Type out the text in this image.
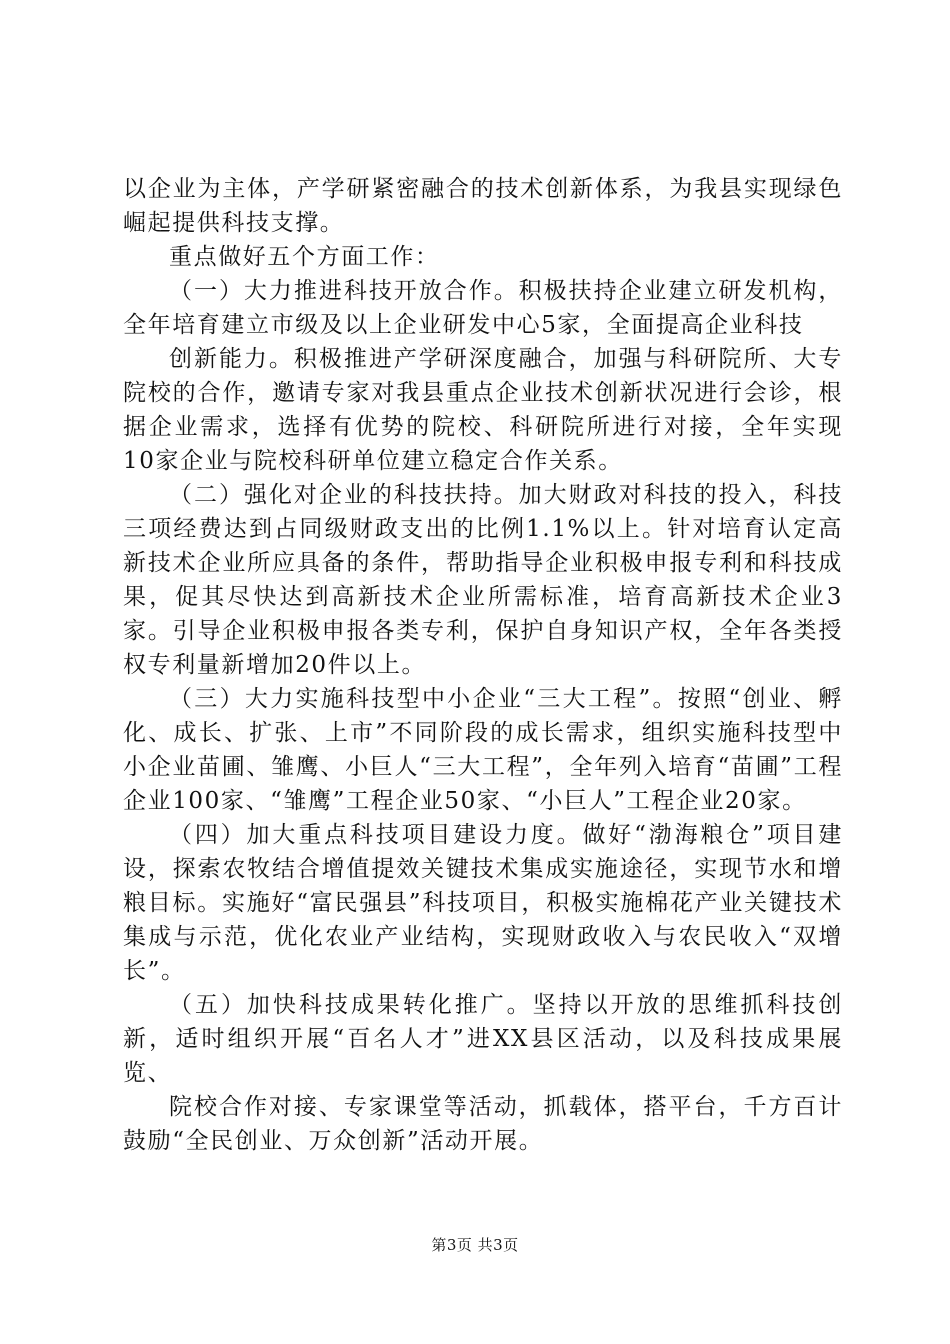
以企业为主体，产学研紧密融合的技术创新体系，为我县实现绿色崛起提供科技支撑。

重点做好五个方面工作：

（一）大力推进科技开放合作。积极扶持企业建立研发机构，全年培育建立市级及以上企业研发中心5家，全面提高企业科技

创新能力。积极推进产学研深度融合，加强与科研院所、大专院校的合作，邀请专家对我县重点企业技术创新状况进行会诊，根据企业需求，选择有优势的院校、科研院所进行对接，全年实现10家企业与院校科研单位建立稳定合作关系。

（二）强化对企业的科技扶持。加大财政对科技的投入，科技三项经费达到占同级财政支出的比例1.1%以上。针对培育认定高新技术企业所应具备的条件，帮助指导企业积极申报专利和科技成果，促其尽快达到高新技术企业所需标准，培育高新技术企业3家。引导企业积极申报各类专利，保护自身知识产权，全年各类授权专利量新增加20件以上。

（三）大力实施科技型中小企业“三大工程”。按照“创业、孵化、成长、扩张、上市”不同阶段的成长需求，组织实施科技型中小企业苗圃、雏鹰、小巨人“三大工程”，全年列入培育“苗圃”工程企业100家、“雏鹰”工程企业50家、“小巨人”工程企业20家。

（四）加大重点科技项目建设力度。做好“渤海粮仓”项目建设，探索农牧结合增值提效关键技术集成实施途径，实现节水和增粮目标。实施好“富民强县”科技项目，积极实施棉花产业关键技术集成与示范，优化农业产业结构，实现财政收入与农民收入“双增长”。

（五）加快科技成果转化推广。坚持以开放的思维抓科技创新，适时组织开展“百名人才”进XX县区活动，以及科技成果展览、

院校合作对接、专家课堂等活动，抓载体，搭平台，千方百计鼓励“全民创业、万众创新”活动开展。

第3页 共3页
